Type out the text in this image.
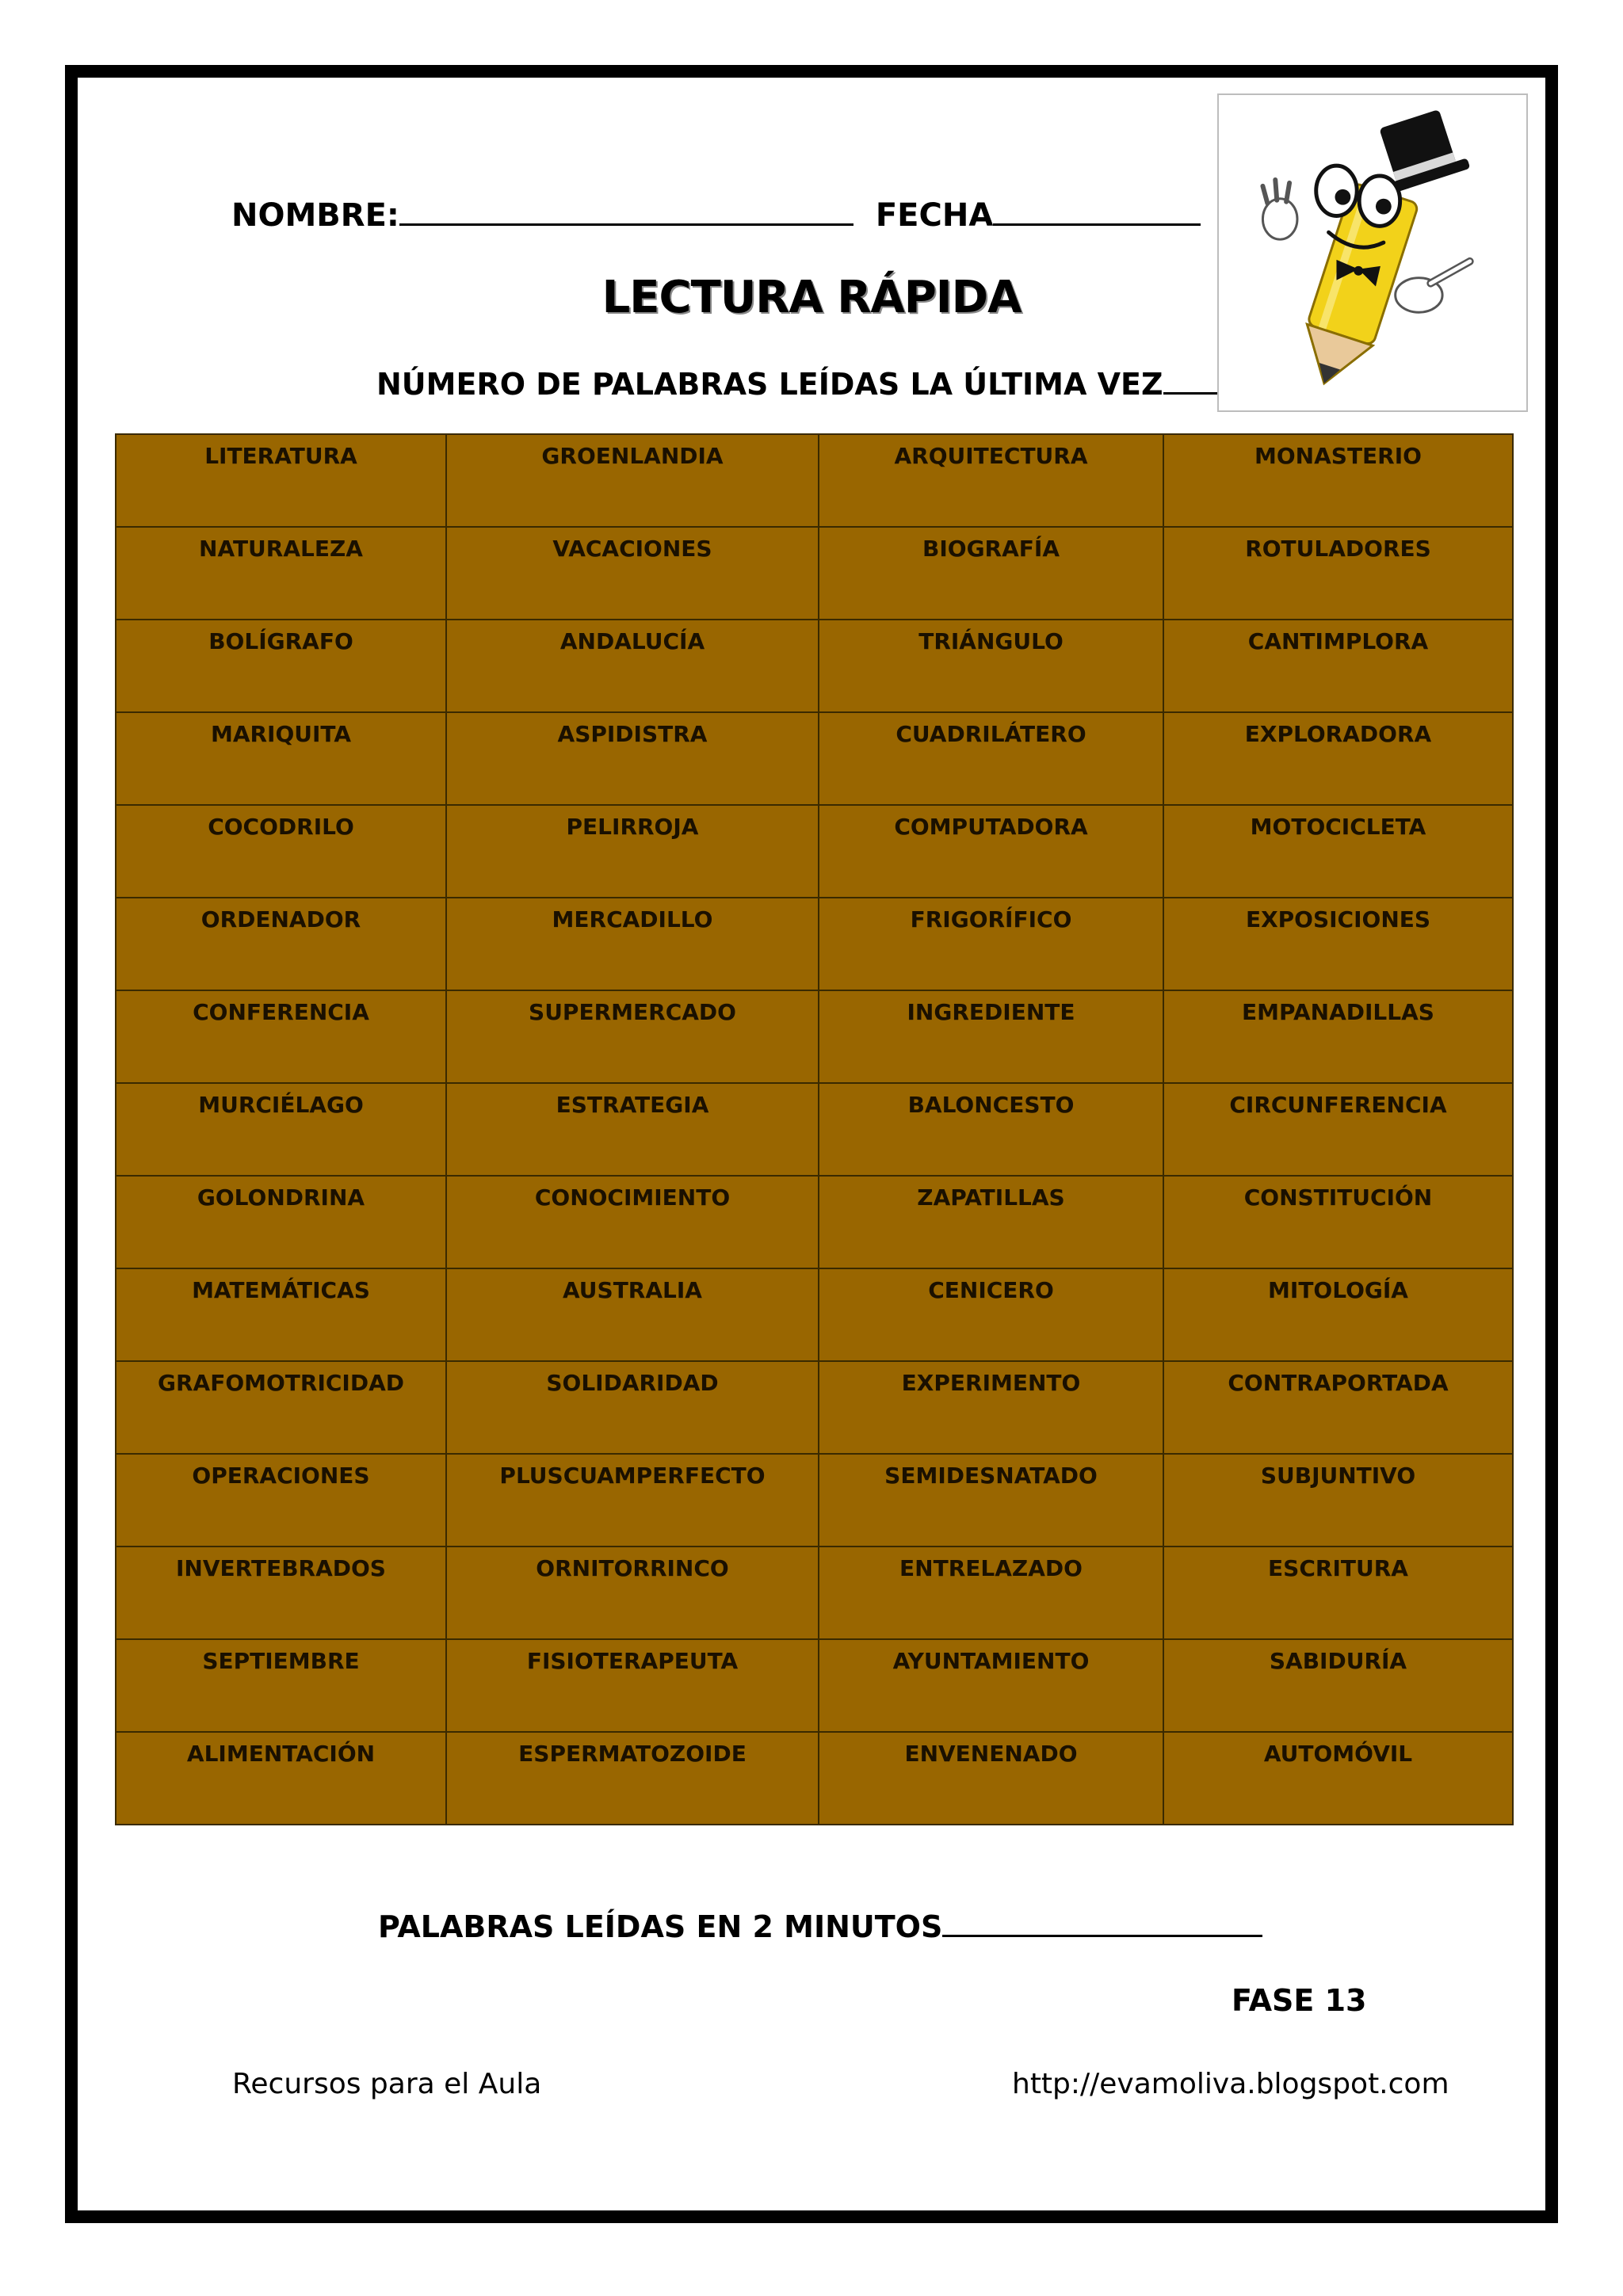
NOMBRE:	FECHA
LECTURA RÁPIDA
NÚMERO DE PALABRAS LEÍDAS LA ÚLTIMA VEZ
LITERATURA	GROENLANDIA	ARQUITECTURA	MONASTERIO
NATURALEZA	VACACIONES	BIOGRAFÍA	ROTULADORES
BOLÍGRAFO	ANDALUCÍA	TRIÁNGULO	CANTIMPLORA
MARIQUITA	ASPIDISTRA	CUADRILÁTERO	EXPLORADORA
COCODRILO	PELIRROJA	COMPUTADORA	MOTOCICLETA
ORDENADOR	MERCADILLO	FRIGORÍFICO	EXPOSICIONES
CONFERENCIA	SUPERMERCADO	INGREDIENTE	EMPANADILLAS
MURCIÉLAGO	ESTRATEGIA	BALONCESTO	CIRCUNFERENCIA
GOLONDRINA	CONOCIMIENTO	ZAPATILLAS	CONSTITUCIÓN
MATEMÁTICAS	AUSTRALIA	CENICERO	MITOLOGÍA
GRAFOMOTRICIDAD	SOLIDARIDAD	EXPERIMENTO	CONTRAPORTADA
OPERACIONES	PLUSCUAMPERFECTO	SEMIDESNATADO	SUBJUNTIVO
INVERTEBRADOS	ORNITORRINCO	ENTRELAZADO	ESCRITURA
SEPTIEMBRE	FISIOTERAPEUTA	AYUNTAMIENTO	SABIDURÍA
ALIMENTACIÓN	ESPERMATOZOIDE	ENVENENADO	AUTOMÓVIL
PALABRAS LEÍDAS EN 2 MINUTOS
FASE 13
Recursos para el Aula	http://evamoliva.blogspot.com
